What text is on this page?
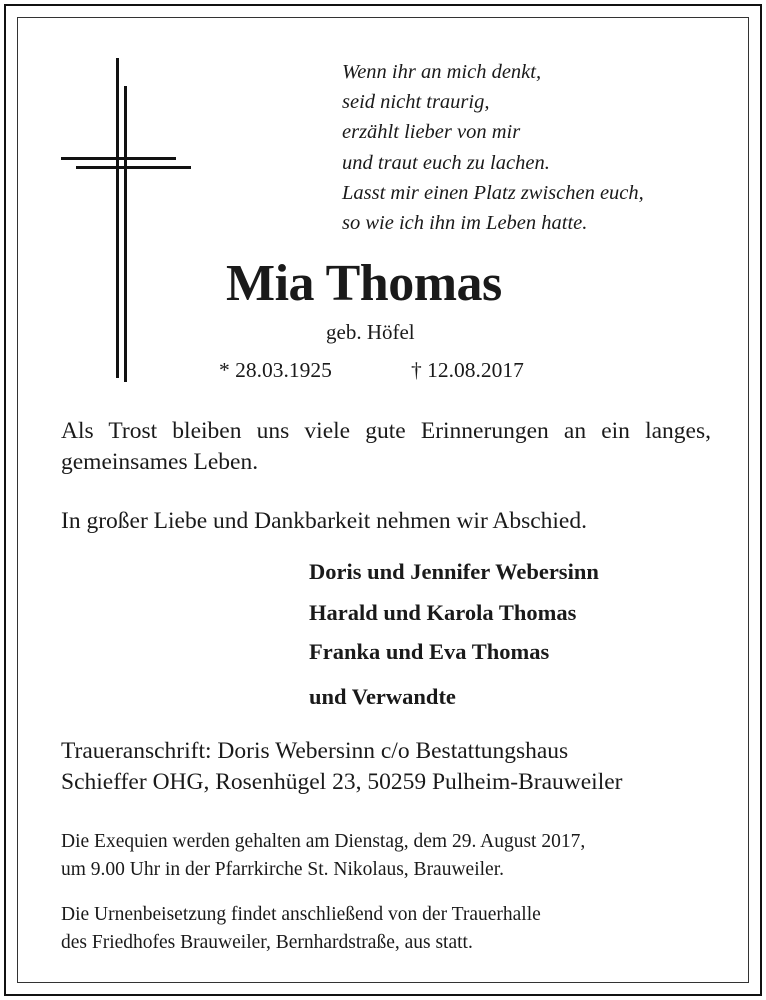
Wenn ihr an mich denkt,
seid nicht traurig,
erzählt lieber von mir
und traut euch zu lachen.
Lasst mir einen Platz zwischen euch,
so wie ich ihn im Leben hatte.
Mia Thomas
geb. Höfel
* 28.03.1925	† 12.08.2017
Als Trost bleiben uns viele gute Erinnerungen an ein langes, gemeinsames Leben.
In großer Liebe und Dankbarkeit nehmen wir Abschied.
Doris und Jennifer Webersinn
Harald und Karola Thomas
Franka und Eva Thomas
und Verwandte
Traueranschrift: Doris Webersinn c/o Bestattungshaus
Schieffer OHG, Rosenhügel 23, 50259 Pulheim-Brauweiler
Die Exequien werden gehalten am Dienstag, dem 29. August 2017,
um 9.00 Uhr in der Pfarrkirche St. Nikolaus, Brauweiler.
Die Urnenbeisetzung findet anschließend von der Trauerhalle
des Friedhofes Brauweiler, Bernhardstraße, aus statt.
